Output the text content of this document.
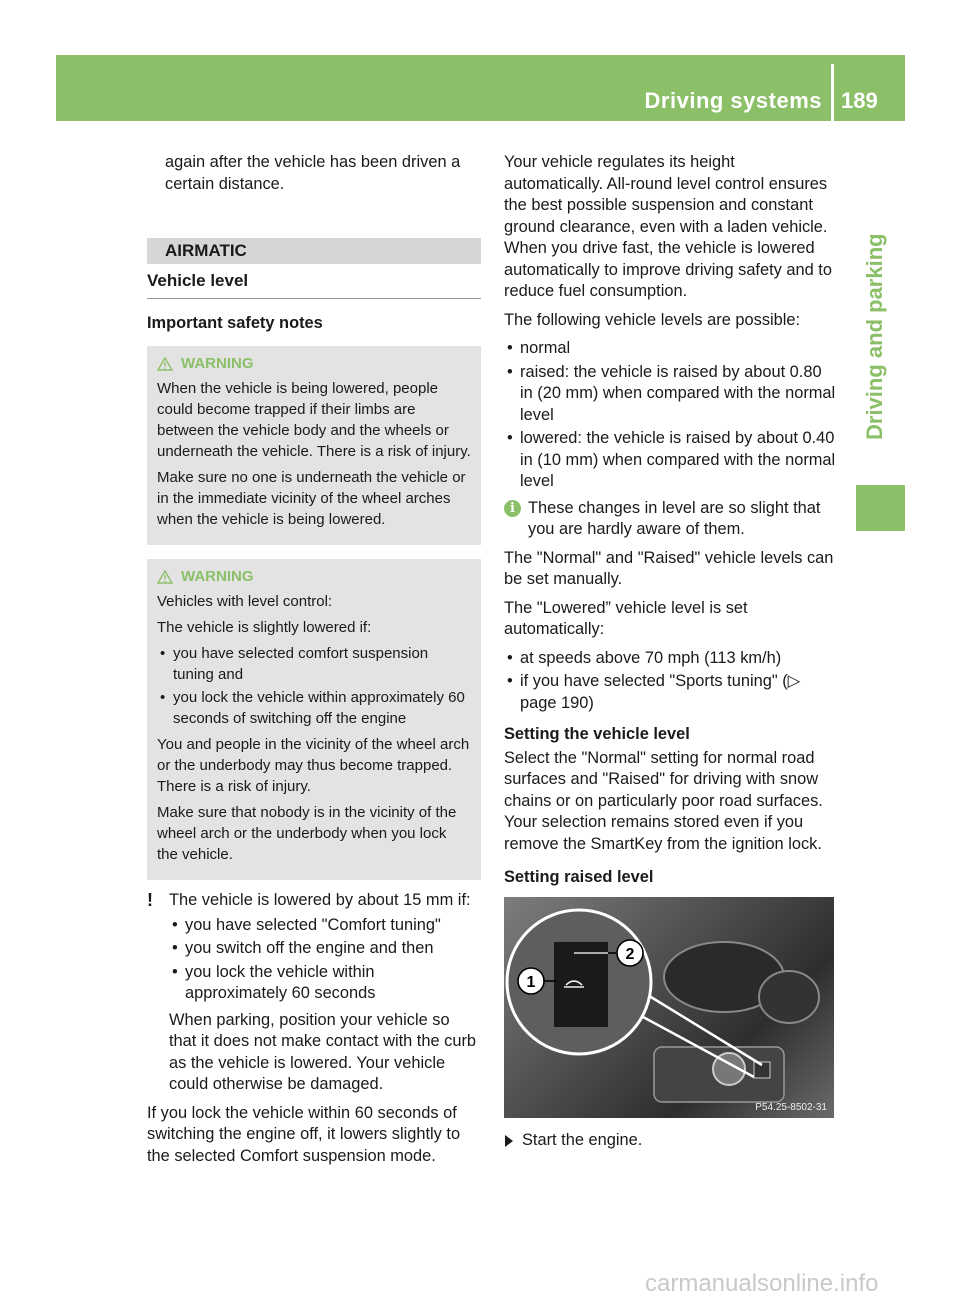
Driving systems 189
Driving and parking

again after the vehicle has been driven a certain distance.

AIRMATIC
Vehicle level

Important safety notes

WARNING

When the vehicle is being lowered, people could become trapped if their limbs are between the vehicle body and the wheels or underneath the vehicle. There is a risk of injury.

Make sure no one is underneath the vehicle or in the immediate vicinity of the wheel arches when the vehicle is being lowered.

WARNING

Vehicles with level control:

The vehicle is slightly lowered if:

• you have selected comfort suspension tuning and
• you lock the vehicle within approximately 60 seconds of switching off the engine

You and people in the vicinity of the wheel arch or the underbody may thus become trapped. There is a risk of injury.

Make sure that nobody is in the vicinity of the wheel arch or the underbody when you lock the vehicle.

! The vehicle is lowered by about 15 mm if:

• you have selected "Comfort tuning"
• you switch off the engine and then
• you lock the vehicle within approximately 60 seconds

When parking, position your vehicle so that it does not make contact with the curb as the vehicle is lowered. Your vehicle could otherwise be damaged.

If you lock the vehicle within 60 seconds of switching the engine off, it lowers slightly to the selected Comfort suspension mode.

Your vehicle regulates its height automatically. All-round level control ensures the best possible suspension and constant ground clearance, even with a laden vehicle. When you drive fast, the vehicle is lowered automatically to improve driving safety and to reduce fuel consumption.

The following vehicle levels are possible:

• normal
• raised: the vehicle is raised by about 0.80 in (20 mm) when compared with the normal level
• lowered: the vehicle is raised by about 0.40 in (10 mm) when compared with the normal level
i These changes in level are so slight that you are hardly aware of them.

The "Normal" and "Raised" vehicle levels can be set manually.

The "Lowered” vehicle level is set automatically:

• at speeds above 70 mph (113 km/h)
• if you have selected "Sports tuning" (▷ page 190)

Setting the vehicle level

Select the "Normal" setting for normal road surfaces and "Raised" for driving with snow chains or on particularly poor road surfaces. Your selection remains stored even if you remove the SmartKey from the ignition lock.

Setting raised level

1
2
P54.25-8502-31
Start the engine.
carmanualsonline.info
